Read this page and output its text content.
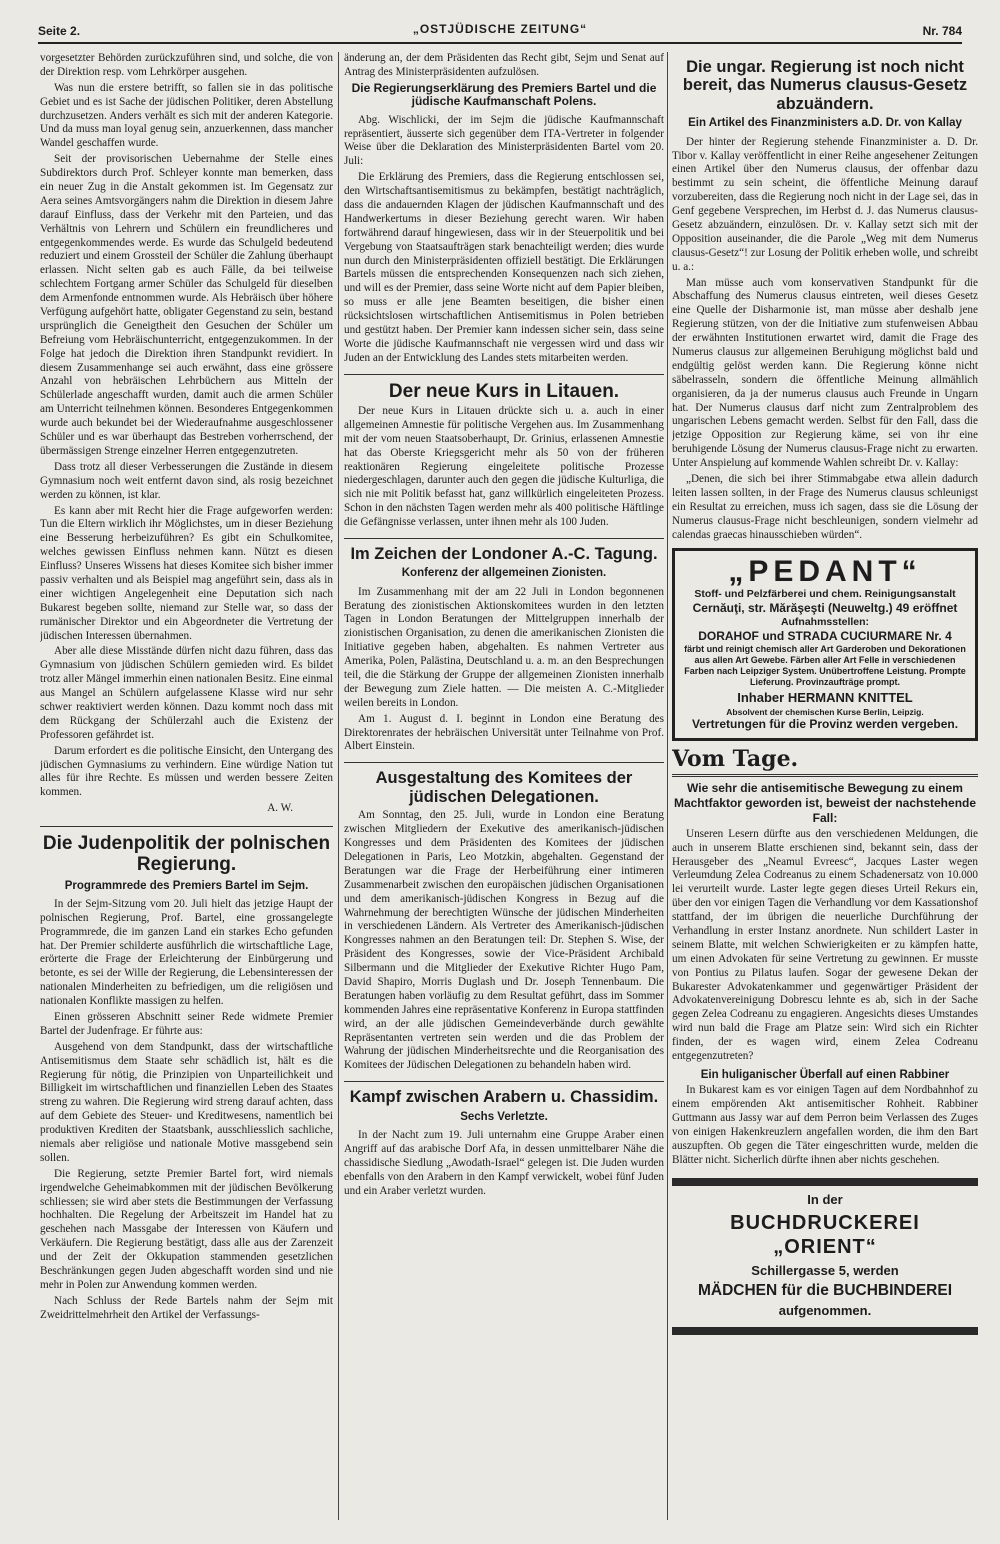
Seite 2.	„OSTJÜDISCHE ZEITUNG“	Nr. 784

vorgesetzter Behörden zurückzuführen sind, und solche, die von der Direktion resp. vom Lehrkörper ausgehen.

Was nun die erstere betrifft, so fallen sie in das politische Gebiet und es ist Sache der jüdischen Politiker, deren Abstellung durchzusetzen. Anders verhält es sich mit der anderen Kategorie. Und da muss man loyal genug sein, anzuerkennen, dass mancher Wandel geschaffen wurde.

Seit der provisorischen Uebernahme der Stelle eines Subdirektors durch Prof. Schleyer konnte man bemerken, dass ein neuer Zug in die Anstalt gekommen ist. Im Gegensatz zur Aera seines Amtsvorgängers nahm die Direktion in diesem Jahre darauf Einfluss, dass der Verkehr mit den Parteien, und das Verhältnis von Lehrern und Schülern ein freundlicheres und entgegenkommendes werde. Es wurde das Schulgeld bedeutend reduziert und einem Grossteil der Schüler die Zahlung überhaupt erlassen. Nicht selten gab es auch Fälle, da bei teilweise schlechtem Fortgang armer Schüler das Schulgeld für dieselben dem Armenfonde entnommen wurde. Als Hebräisch über höhere Verfügung aufgehört hatte, obligater Gegenstand zu sein, bestand ursprünglich die Geneigtheit den Gesuchen der Schüler um Befreiung vom Hebräischunterricht, entgegenzukommen. In der Folge hat jedoch die Direktion ihren Standpunkt revidiert. In diesem Zusammenhange sei auch erwähnt, dass eine grössere Anzahl von hebräischen Lehrbüchern aus Mitteln der Schülerlade angeschafft wurden, damit auch die armen Schüler am Unterricht teilnehmen können. Besonderes Entgegenkommen wurde auch bekundet bei der Wiederaufnahme ausgeschlossener Schüler und es war überhaupt das Bestreben vorherrschend, der übermässigen Strenge einzelner Herren entgegenzutreten.

Dass trotz all dieser Verbesserungen die Zustände in diesem Gymnasium noch weit entfernt davon sind, als rosig bezeichnet werden zu können, ist klar.

Es kann aber mit Recht hier die Frage aufgeworfen werden: Tun die Eltern wirklich ihr Möglichstes, um in dieser Beziehung eine Besserung herbeizuführen? Es gibt ein Schulkomitee, welches gewissen Einfluss nehmen kann. Nützt es diesen Einfluss? Unseres Wissens hat dieses Komitee sich bisher immer passiv verhalten und als Beispiel mag angeführt sein, dass als in einer wichtigen Angelegenheit eine Deputation sich nach Bukarest begeben sollte, niemand zur Stelle war, so dass der rumänischer Direktor und ein Abgeordneter die Vertretung der jüdischen Interessen übernahmen.

Aber alle diese Misstände dürfen nicht dazu führen, dass das Gymnasium von jüdischen Schülern gemieden wird. Es bildet trotz aller Mängel immerhin einen nationalen Besitz. Eine einmal aus Mangel an Schülern aufgelassene Klasse wird nur sehr schwer reaktiviert werden können. Dazu kommt noch dass mit dem Rückgang der Schülerzahl auch die Existenz der Professoren gefährdet ist.

Darum erfordert es die politische Einsicht, den Untergang des jüdischen Gymnasiums zu verhindern. Eine würdige Nation tut alles für ihre Rechte. Es müssen und werden bessere Zeiten kommen.

A. W.

Die Judenpolitik der polnischen Regierung.
Programmrede des Premiers Bartel im Sejm.

In der Sejm-Sitzung vom 20. Juli hielt das jetzige Haupt der polnischen Regierung, Prof. Bartel, eine grossangelegte Programmrede, die im ganzen Land ein starkes Echo gefunden hat. Der Premier schilderte ausführlich die wirtschaftliche Lage, erörterte die Frage der Erleichterung der Einbürgerung und betonte, es sei der Wille der Regierung, die Lebensinteressen der nationalen Minderheiten zu befriedigen, um die religiösen und nationalen Konflikte massigen zu helfen.

Einen grösseren Abschnitt seiner Rede widmete Premier Bartel der Judenfrage. Er führte aus:

Ausgehend von dem Standpunkt, dass der wirtschaftliche Antisemitismus dem Staate sehr schädlich ist, hält es die Regierung für nötig, die Prinzipien von Unparteilichkeit und Billigkeit im wirtschaftlichen und finanziellen Leben des Staates streng zu wahren. Die Regierung wird streng darauf achten, dass auf dem Gebiete des Steuer- und Kreditwesens, namentlich bei produktiven Krediten der Staatsbank, ausschliesslich sachliche, niemals aber religiöse und nationale Motive massgebend sein sollen.

Die Regierung, setzte Premier Bartel fort, wird niemals irgendwelche Geheimabkommen mit der jüdischen Bevölkerung schliessen; sie wird aber stets die Bestimmungen der Verfassung hochhalten. Die Regelung der Arbeitszeit im Handel hat zu geschehen nach Massgabe der Interessen von Käufern und Verkäufern. Die Regierung bestätigt, dass alle aus der Zarenzeit und der Zeit der Okkupation stammenden gesetzlichen Beschränkungen gegen Juden abgeschafft worden sind und nie mehr in Polen zur Anwendung kommen werden.

Nach Schluss der Rede Bartels nahm der Sejm mit Zweidrittelmehrheit den Artikel der Verfassungs-

änderung an, der dem Präsidenten das Recht gibt, Sejm und Senat auf Antrag des Ministerpräsidenten aufzulösen.

Die Regierungserklärung des Premiers Bartel und die jüdische Kaufmanschaft Polens.

Abg. Wischlicki, der im Sejm die jüdische Kaufmannschaft repräsentiert, äusserte sich gegenüber dem ITA-Vertreter in folgender Weise über die Deklaration des Ministerpräsidenten Bartel vom 20. Juli:

Die Erklärung des Premiers, dass die Regierung entschlossen sei, den Wirtschaftsantisemitismus zu bekämpfen, bestätigt nachträglich, dass die andauernden Klagen der jüdischen Kaufmannschaft und des Handwerkertums in dieser Beziehung gerecht waren. Wir haben fortwährend darauf hingewiesen, dass wir in der Steuerpolitik und bei Vergebung von Staatsaufträgen stark benachteiligt werden; dies wurde nun durch den Ministerpräsidenten offiziell bestätigt. Die Erklärungen Bartels müssen die entsprechenden Konsequenzen nach sich ziehen, und will es der Premier, dass seine Worte nicht auf dem Papier bleiben, so muss er alle jene Beamten beseitigen, die bisher einen rücksichtslosen wirtschaftlichen Antisemitismus in Polen betrieben und gestützt haben. Der Premier kann indessen sicher sein, dass seine Worte die jüdische Kaufmannschaft nie vergessen wird und dass wir Juden an der Entwicklung des Landes stets mitarbeiten werden.

Der neue Kurs in Litauen.

Der neue Kurs in Litauen drückte sich u. a. auch in einer allgemeinen Amnestie für politische Vergehen aus. Im Zusammenhang mit der vom neuen Staatsoberhaupt, Dr. Grinius, erlassenen Amnestie hat das Oberste Kriegsgericht mehr als 50 von der früheren reaktionären Regierung eingeleitete politische Prozesse niedergeschlagen, darunter auch den gegen die jüdische Kulturliga, die sich nie mit Politik befasst hat, ganz willkürlich eingeleiteten Prozess. Schon in den nächsten Tagen werden mehr als 400 politische Häftlinge die Gefängnisse verlassen, unter ihnen mehr als 100 Juden.

Im Zeichen der Londoner A.-C. Tagung.
Konferenz der allgemeinen Zionisten.

Im Zusammenhang mit der am 22 Juli in London begonnenen Beratung des zionistischen Aktionskomitees wurden in den letzten Tagen in London Beratungen der Mittelgruppen innerhalb der zionistischen Organisation, zu denen die amerikanischen Zionisten die Initiative gegeben haben, abgehalten. Es nahmen Vertreter aus Amerika, Polen, Palästina, Deutschland u. a. m. an den Besprechungen teil, die die Stärkung der Gruppe der allgemeinen Zionisten innerhalb der Bewegung zum Ziele hatten. — Die meisten A. C.-Mitglieder weilen bereits in London.

Am 1. August d. I. beginnt in London eine Beratung des Direktorenrates der hebräischen Universität unter Teilnahme von Prof. Albert Einstein.

Ausgestaltung des Komitees der jüdischen Delegationen.

Am Sonntag, den 25. Juli, wurde in London eine Beratung zwischen Mitgliedern der Exekutive des amerikanisch-jüdischen Kongresses und dem Präsidenten des Komitees der jüdischen Delegationen in Paris, Leo Motzkin, abgehalten. Gegenstand der Beratungen war die Frage der Herbeiführung einer intimeren Zusammenarbeit zwischen den europäischen jüdischen Organisationen und dem amerikanisch-jüdischen Kongress in Bezug auf die Wahrnehmung der berechtigten Wünsche der jüdischen Minderheiten in verschiedenen Ländern. Als Vertreter des Amerikanisch-jüdischen Kongresses nahmen an den Beratungen teil: Dr. Stephen S. Wise, der Präsident des Kongresses, sowie der Vice-Präsident Archibald Silbermann und die Mitglieder der Exekutive Richter Hugo Pam, David Shapiro, Morris Duglash und Dr. Joseph Tennenbaum. Die Beratungen haben vorläufig zu dem Resultat geführt, dass im Sommer kommenden Jahres eine repräsentative Konferenz in Europa stattfinden wird, an der alle jüdischen Gemeindeverbände durch gewählte Repräsentanten vertreten sein werden und die das Problem der Wahrung der jüdischen Minderheitsrechte und die Reorganisation des Komitees der Jüdischen Delegationen zu behandeln haben wird.

Kampf zwischen Arabern u. Chassidim.
Sechs Verletzte.

In der Nacht zum 19. Juli unternahm eine Gruppe Araber einen Angriff auf das arabische Dorf Afa, in dessen unmittelbarer Nähe die chassidische Siedlung „Awodath-Israel“ gelegen ist. Die Juden wurden ebenfalls von den Arabern in den Kampf verwickelt, wobei fünf Juden und ein Araber verletzt wurden.

Die ungar. Regierung ist noch nicht bereit, das Numerus clausus-Gesetz abzuändern.
Ein Artikel des Finanzministers a.D. Dr. von Kallay

Der hinter der Regierung stehende Finanzminister a. D. Dr. Tibor v. Kallay veröffentlicht in einer Reihe angesehener Zeitungen einen Artikel über den Numerus clausus, der offenbar dazu bestimmt zu sein scheint, die öffentliche Meinung darauf vorzubereiten, dass die Regierung noch nicht in der Lage sei, das in Genf gegebene Versprechen, im Herbst d. J. das Numerus clausus-Gesetz abzuändern, einzulösen. Dr. v. Kallay setzt sich mit der Opposition auseinander, die die Parole „Weg mit dem Numerus clausus-Gesetz“! zur Losung der Politik erheben wolle, und schreibt u. a.:

Man müsse auch vom konservativen Standpunkt für die Abschaffung des Numerus clausus eintreten, weil dieses Gesetz eine Quelle der Disharmonie ist, man müsse aber deshalb jene Regierung stützen, von der die Initiative zum stufenweisen Abbau der erwähnten Institutionen erwartet wird, damit die Frage des Numerus clausus zur allgemeinen Beruhigung möglichst bald und endgültig gelöst werden kann. Die Regierung könne nicht säbelrasseln, sondern die öffentliche Meinung allmählich organisieren, da ja der numerus clausus auch Freunde in Ungarn hat. Der Numerus clausus darf nicht zum Zentralproblem des ungarischen Lebens gemacht werden. Selbst für den Fall, dass die jetzige Opposition zur Regierung käme, sei von ihr eine beruhigende Lösung der Numerus clausus-Frage nicht zu erwarten. Unter Anspielung auf kommende Wahlen schreibt Dr. v. Kallay:

„Denen, die sich bei ihrer Stimmabgabe etwa allein dadurch leiten lassen sollten, in der Frage des Numerus clausus schleunigst ein Resultat zu erreichen, muss ich sagen, dass sie die Lösung der Numerus clausus-Frage nicht beschleunigen, sondern vielmehr ad calendas graecas hinausschieben würden“.

„PEDANT“
Stoff- und Pelzfärberei und chem. Reinigungsanstalt
Cernăuţi, str. Mărăşeşti (Neuweltg.) 49 eröffnet
Aufnahmsstellen:
DORAHOF und STRADA CUCIURMARE Nr. 4
färbt und reinigt chemisch aller Art Garderoben und Dekorationen aus allen Art Gewebe. Färben aller Art Felle in verschiedenen Farben nach Leipziger System. Unübertroffene Leistung. Prompte Lieferung. Provinzaufträge prompt.
Inhaber HERMANN KNITTEL
Absolvent der chemischen Kurse Berlin, Leipzig.
Vertretungen für die Provinz werden vergeben.
Vom Tage.

Wie sehr die antisemitische Bewegung zu einem Machtfaktor geworden ist, beweist der nachstehende Fall:

Unseren Lesern dürfte aus den verschiedenen Meldungen, die auch in unserem Blatte erschienen sind, bekannt sein, dass der Herausgeber des „Neamul Evreesc“, Jacques Laster wegen Verleumdung Zelea Codreanus zu einem Schadenersatz von 10.000 lei verurteilt wurde. Laster legte gegen dieses Urteil Rekurs ein, über den vor einigen Tagen die Verhandlung vor dem Kassationshof stattfand, der im übrigen die neuerliche Durchführung der Verhandlung in erster Instanz anordnete. Nun schildert Laster in seinem Blatte, mit welchen Schwierigkeiten er zu kämpfen hatte, um einen Advokaten für seine Vertretung zu gewinnen. Er musste von Pontius zu Pilatus laufen. Sogar der gewesene Dekan der Bukarester Advokatenkammer und gegenwärtiger Präsident der Advokatenvereinigung Dobrescu lehnte es ab, sich in der Sache gegen Zelea Codreanu zu engagieren. Angesichts dieses Umstandes wird nun bald die Frage am Platze sein: Wird sich ein Richter finden, der es wagen wird, einem Zelea Codreanu entgegenzutreten?

Ein huliganischer Überfall auf einen Rabbiner

In Bukarest kam es vor einigen Tagen auf dem Nordbahnhof zu einem empörenden Akt antisemitischer Rohheit. Rabbiner Guttmann aus Jassy war auf dem Perron beim Verlassen des Zuges von einigen Hakenkreuzlern angefallen worden, die ihm den Bart auszupften. Ob gegen die Täter eingeschritten wurde, melden die Blätter nicht. Sicherlich dürfte ihnen aber nichts geschehen.

In der
BUCHDRUCKEREI „ORIENT“
Schillergasse 5, werden
MÄDCHEN für die BUCHBINDEREI
aufgenommen.
